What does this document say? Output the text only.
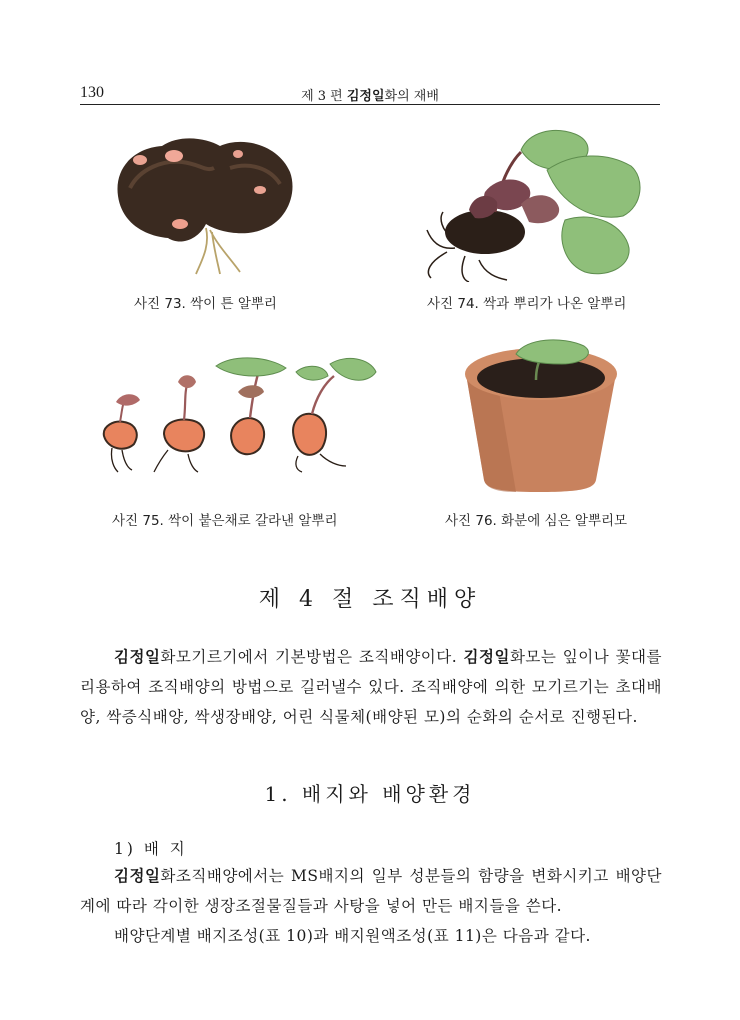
130	제 3 편 김정일화의 재배
사진 73. 싹이 튼 알뿌리	사진 74. 싹과 뿌리가 나온 알뿌리
사진 75. 싹이 붙은채로 갈라낸 알뿌리	사진 76. 화분에 심은 알뿌리모
제 4 절 조직배양

김정일화모기르기에서 기본방법은 조직배양이다. 김정일화모는 잎이나 꽃대를 리용하여 조직배양의 방법으로 길러낼수 있다. 조직배양에 의한 모기르기는 초대배양, 싹증식배양, 싹생장배양, 어린 식물체(배양된 모)의 순화의 순서로 진행된다.

1. 배지와 배양환경
1) 배 지

김정일화조직배양에서는 MS배지의 일부 성분들의 함량을 변화시키고 배양단계에 따라 각이한 생장조절물질들과 사탕을 넣어 만든 배지들을 쓴다.

배양단계별 배지조성(표 10)과 배지원액조성(표 11)은 다음과 같다.
